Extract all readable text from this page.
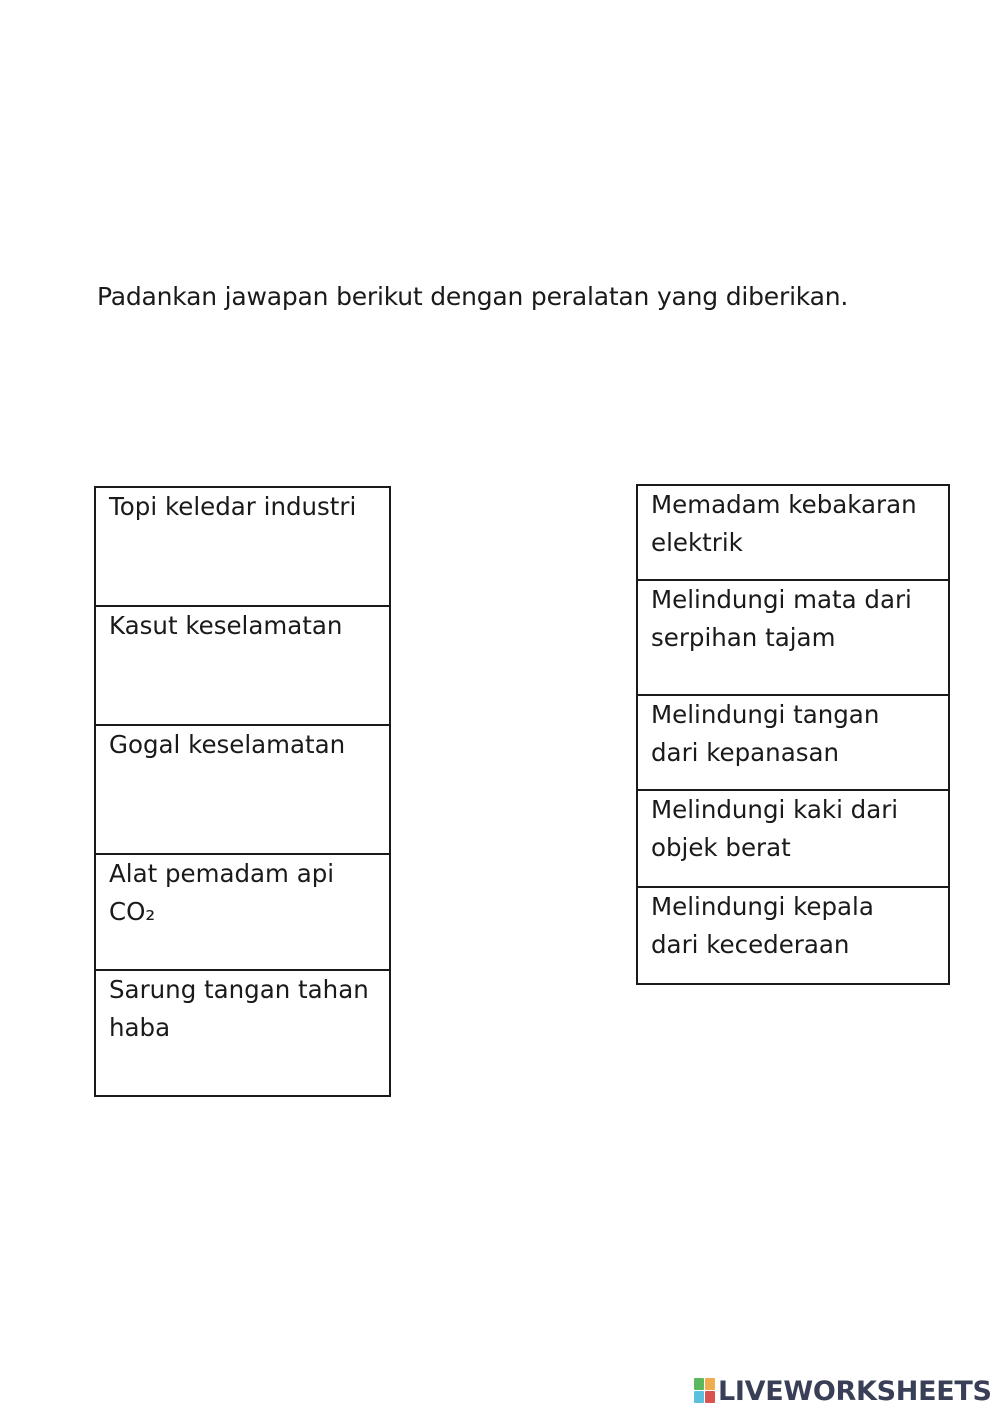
Padankan jawapan berikut dengan peralatan yang diberikan.
Topi keledar industri
Kasut keselamatan
Gogal keselamatan
Alat pemadam api
CO₂
Sarung tangan tahan
haba
Memadam kebakaran
elektrik
Melindungi mata dari
serpihan tajam
Melindungi tangan
dari kepanasan
Melindungi kaki dari
objek berat
Melindungi kepala
dari kecederaan
LIVEWORKSHEETS
